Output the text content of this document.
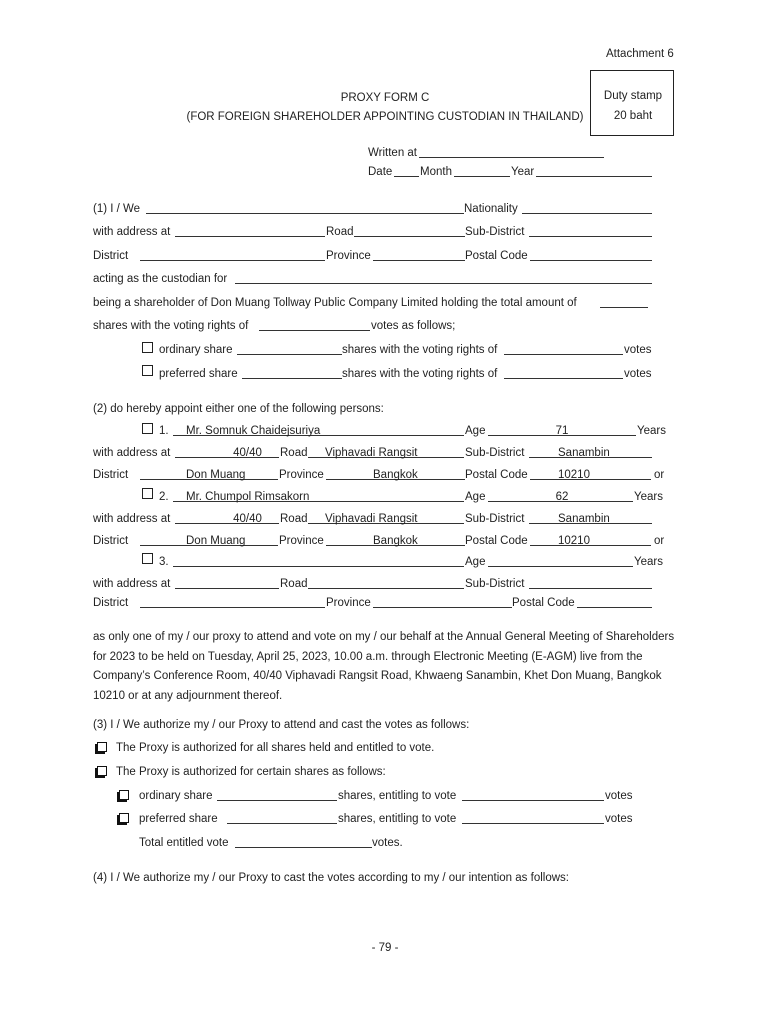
Attachment 6
Duty stamp
20 baht
PROXY FORM C
(FOR FOREIGN SHAREHOLDER APPOINTING CUSTODIAN IN THAILAND)
Written at
Date Month	Year
(1) I / We	Nationality
with address at	Road	Sub-District
District	Province	Postal Code
acting as the custodian for
being a shareholder of Don Muang Tollway Public Company Limited holding the total amount of
shares with the voting rights of	votes as follows;
ordinary share	shares with the voting rights of	votes
preferred share	shares with the voting rights of	votes
(2) do hereby appoint either one of the following persons:
1. Mr. Somnuk Chaidejsuriya	Age	71	Years
with address at	40/40	Road Viphavadi Rangsit	Sub-District	Sanambin
District	Don Muang	Province	Bangkok	Postal Code	10210	or
2. Mr. Chumpol Rimsakorn	Age	62	Years
with address at	40/40	Road Viphavadi Rangsit	Sub-District	Sanambin
District	Don Muang	Province	Bangkok	Postal Code	10210	or
3.	Age	Years
with address at	Road	Sub-District
District	Province	Postal Code
as only one of my / our proxy to attend and vote on my / our behalf at the Annual General Meeting of Shareholders
for 2023 to be held on Tuesday, April 25, 2023, 10.00 a.m. through Electronic Meeting (E-AGM) live from the
Company’s Conference Room, 40/40 Viphavadi Rangsit Road, Khwaeng Sanambin, Khet Don Muang, Bangkok
10210 or at any adjournment thereof.
(3) I / We authorize my / our Proxy to attend and cast the votes as follows:
The Proxy is authorized for all shares held and entitled to vote.
The Proxy is authorized for certain shares as follows:
ordinary share	shares, entitling to vote	votes
preferred share	shares, entitling to vote	votes
Total entitled vote	votes.
(4) I / We authorize my / our Proxy to cast the votes according to my / our intention as follows:
- 79 -
